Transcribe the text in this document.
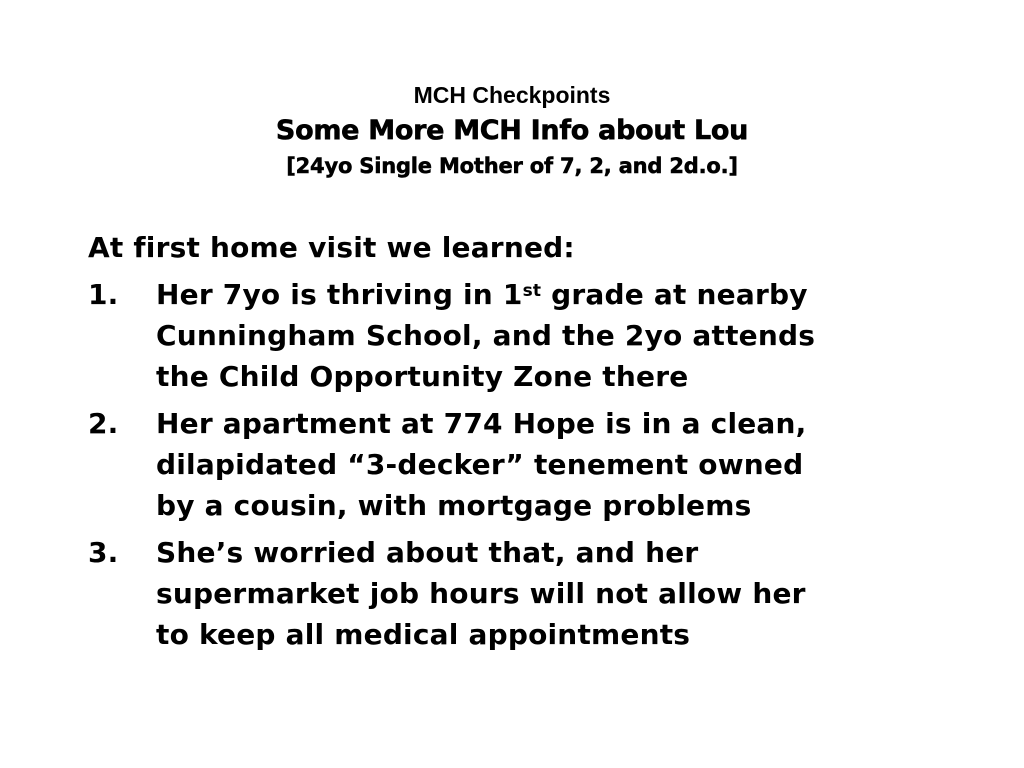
MCH Checkpoints
Some More MCH Info about Lou
[24yo Single Mother of 7, 2, and 2d.o.]
At first home visit we learned:
1. Her 7yo is thriving in 1st grade at nearby
Cunningham School, and the 2yo attends
the Child Opportunity Zone there
2. Her apartment at 774 Hope is in a clean,
dilapidated “3-decker” tenement owned
by a cousin, with mortgage problems
3. She’s worried about that, and her
supermarket job hours will not allow her
to keep all medical appointments
